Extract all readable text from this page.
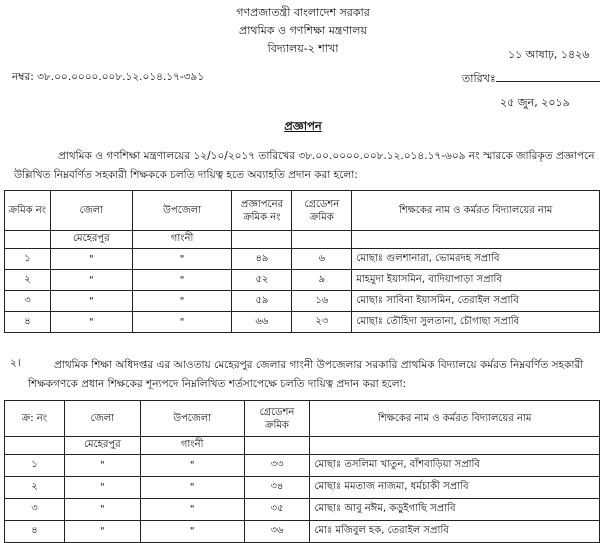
গণপ্রজাতন্ত্রী বাংলাদেশ সরকার
প্রাথমিক ও গণশিক্ষা মন্ত্রণালয়
বিদ্যালয়-২ শাখা	১১ আষাঢ়, ১৪২৬
নম্বর: ৩৮.০০.০০০০.০০৮.১২.০১৪.১৭-৩৯১	তারিখঃ
২৫ জুন, ২০১৯
প্রজ্ঞাপন
প্রাথমিক ও গণশিক্ষা মন্ত্রণালয়ের ১২/১০/২০১৭ তারিখের ৩৮.০০.০০০০.০০৮.১২.০১৪.১৭-৬০৯ নং স্মারকে জারিকৃত প্রজ্ঞাপনে উল্লিখিত নিম্নবর্ণিত সহকারী শিক্ষককে চলতি দায়িত্ব হতে অব্যাহতি প্রদান করা হলো:
ক্রমিক নং	জেলা	উপজেলা	প্রজ্ঞাপনের ক্রমিক নং	গ্রেডেশন ক্রমিক	শিক্ষকের নাম ও কর্মরত বিদ্যালয়ের নাম
	মেহেরপুর	গাংনী			
১	"	"	৪৯	৬	মোছাঃ গুলশানারা, ভোমরদহ সপ্রাবি
২	"	"	৫২	৯	মাহমুদা ইয়াসমিন, বাদিয়াপাড়া সপ্রাবি
৩	"	"	৫৯	১৬	মোছাঃ সাবিনা ইয়াসমিন, তেরাইল সপ্রাবি
৪	"	"	৬৬	২৩	মোছাঃ তৌহিদা সুলতানা, চৌগাছা সপ্রাবি
২।	প্রাথমিক শিক্ষা অধিদপ্তর এর আওতায় মেহেরপুর জেলার গাংনী উপজেলার সরকারি প্রাথমিক বিদ্যালয়ে কর্মরত নিম্নবর্ণিত সহকারী শিক্ষকগণকে প্রধান শিক্ষকের শূন্যপদে নিম্নলিখিত শর্তসাপেক্ষে চলতি দায়িত্ব প্রদান করা হলো:
ক্র: নং	জেলা	উপজেলা	গ্রেডেশন ক্রমিক	শিক্ষকের নাম ও কর্মরত বিদ্যালয়ের নাম
	মেহেরপুর	গাংনী		
১	"	"	৩৩	মোছাঃ তসলিমা খাতুন, বাঁশবাড়িয়া সপ্রাবি
২	"	"	৩৪	মোছাঃ মমতাজ নাজমা, ধর্মচাকী সপ্রাবি
৩	"	"	৩৫	মোছাঃ আবু নঈম, কড়ুইগাছি সপ্রাবি
৪	"	"	৩৬	মোঃ মজিবুল হক, তেরাইল সপ্রাবি
